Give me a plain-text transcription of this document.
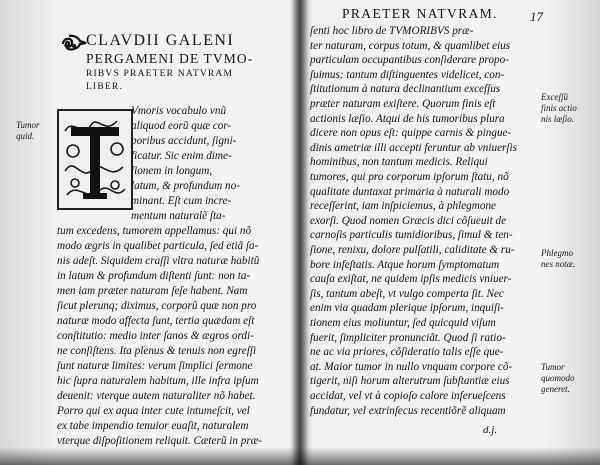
CLAVDII GALENI
PERGAMENI DE TVMO-
RIBVS PRAETER NATVRAM
LIBER.
T
Tumor
quid.
Vmoris vocabulo vnũ
aliquod eorũ quæ cor-
poribus accidunt, ſigni-
ficatur. Sic enim dime-
ſionem in longum,
latum, & profundum no-
minant. Eſt cum incre-
mentum naturalẽ ſta-
tum excedens, tumorem appellamus: qui nõ
modo ægris in qualibet particula, ſed etiã ſa-
nis adeſt. Siquidem craſſi vltra naturæ habitũ
in latum & profundum diſtenti ſunt: non ta-
men iam præter naturam ſeſe habent. Nam
ſicut plerunq; diximus, corporũ quæ non pro
naturæ modo affecta ſunt, tertia quædam eſt
conſtitutio: medio inter ſanos & ægros ordi-
ne conſiſtens. Ita plenus & tenuis non egreſſi
ſunt naturæ limites: verum ſimplici ſermone
hic ſupra naturalem habitum, ille infra ipſum
deuenit: vterque autem naturaliter nõ habet.
Porro qui ex aqua inter cute intumeſcit, vel
ex tabe impendio tenuior euaſit, naturalem
vterque diſpoſitionem reliquit. Cæterũ in præ-
PRAETER NATVRAM.	17
ſenti hoc libro de TVMORIBVS præ-
ter naturam, corpus totum, & quamlibet eius
particulam occupantibus conſiderare propo-
ſuimus: tantum diſtinguentes videlicet, con-
ſtitutionum à natura declinantium exceſſus
præter naturam exiſtere. Quorum finis eſt
actionis læſio. Atqui de his tumoribus plura
dicere non opus eſt: quippe carnis & pingue-
dinis ametriæ illi accepti feruntur ab vniuerſis
hominibus, non tantum medicis. Reliqui
tumores, qui pro corporum ipſorum ſtatu, nõ
qualitate duntaxat primaria à naturali modo
receſſerint, iam inſpiciemus, à phlegmone
exorſi. Quod nomen Græcis dici cõſueuit de
carnoſis particulis tumidioribus, ſimul & ten-
ſione, renixu, dolore pulſatili, caliditate & ru-
bore infeſtatis. Atque horum ſymptomatum
cauſa exiſtat, ne quidem ipſis medicis vniuer-
ſis, tantum abeſt, vt vulgo comperta ſit. Nec
enim via quadam plerique ipſorum, inquiſi-
tionem eius moliuntur, ſed quicquid viſum
fuerit, ſimpliciter pronunciãt. Quod ſi ratio-
ne ac via priores, cõſideratio talis eſſe que-
at. Maior tumor in nullo vnquam corpore cõ-
tigerit, niſi horum alterutrum ſubſtantiæ eius
accidat, vel vt à copioſo calore inferueſcens
fundatur, vel extrinſecus recentiõrẽ aliquam
Exceſſũ
finis actio
nis læſio.
Phlegmo
nes notæ.
Tumor
quomodo
generet.
d.j.
